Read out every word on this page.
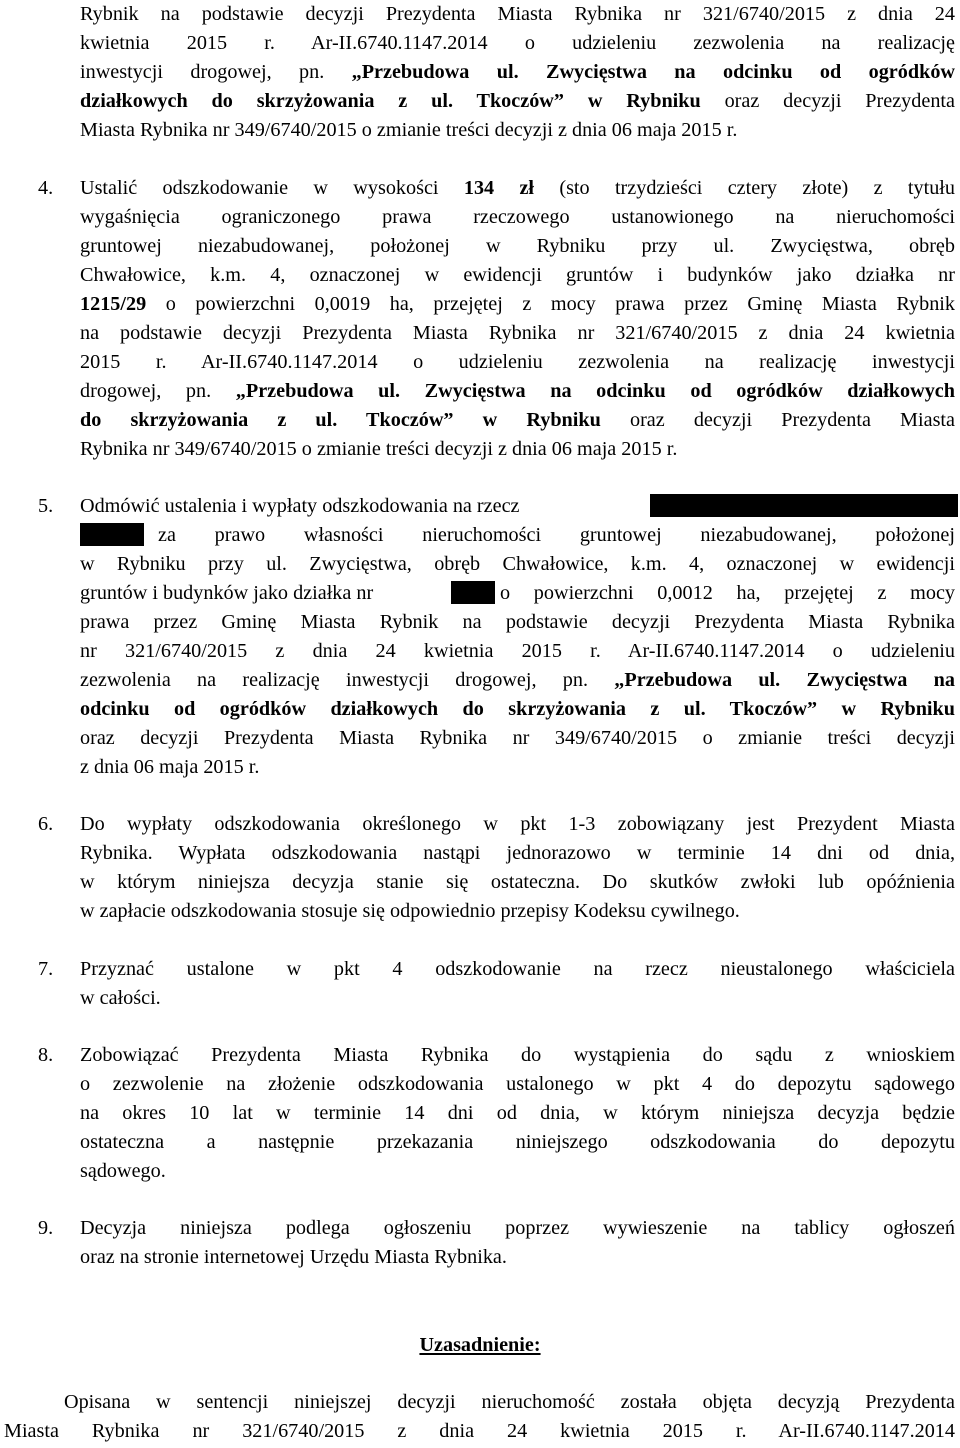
Rybnik na podstawie decyzji Prezydenta Miasta Rybnika nr 321/6740/2015 z dnia 24
kwietnia 2015 r. Ar-II.6740.1147.2014 o udzieleniu zezwolenia na realizację
inwestycji drogowej, pn. „Przebudowa ul. Zwycięstwa na odcinku od ogródków
działkowych do skrzyżowania z ul. Tkoczów” w Rybniku oraz decyzji Prezydenta
Miasta Rybnika nr 349/6740/2015 o zmianie treści decyzji z dnia 06 maja 2015 r.
4. Ustalić odszkodowanie w wysokości 134 zł (sto trzydzieści cztery złote) z tytułu
wygaśnięcia ograniczonego prawa rzeczowego ustanowionego na nieruchomości
gruntowej niezabudowanej, położonej w Rybniku przy ul. Zwycięstwa, obręb
Chwałowice, k.m. 4, oznaczonej w ewidencji gruntów i budynków jako działka nr
1215/29 o powierzchni 0,0019 ha, przejętej z mocy prawa przez Gminę Miasta Rybnik
na podstawie decyzji Prezydenta Miasta Rybnika nr 321/6740/2015 z dnia 24 kwietnia
2015 r. Ar-II.6740.1147.2014 o udzieleniu zezwolenia na realizację inwestycji
drogowej, pn. „Przebudowa ul. Zwycięstwa na odcinku od ogródków działkowych
do skrzyżowania z ul. Tkoczów” w Rybniku oraz decyzji Prezydenta Miasta
Rybnika nr 349/6740/2015 o zmianie treści decyzji z dnia 06 maja 2015 r.
5. Odmówić ustalenia i wypłaty odszkodowania na rzecz
za prawo własności nieruchomości gruntowej niezabudowanej, położonej
w Rybniku przy ul. Zwycięstwa, obręb Chwałowice, k.m. 4, oznaczonej w ewidencji
gruntów i budynków jako działka nr	o powierzchni 0,0012 ha, przejętej z mocy
prawa przez Gminę Miasta Rybnik na podstawie decyzji Prezydenta Miasta Rybnika
nr 321/6740/2015 z dnia 24 kwietnia 2015 r. Ar-II.6740.1147.2014 o udzieleniu
zezwolenia na realizację inwestycji drogowej, pn. „Przebudowa ul. Zwycięstwa na
odcinku od ogródków działkowych do skrzyżowania z ul. Tkoczów” w Rybniku
oraz decyzji Prezydenta Miasta Rybnika nr 349/6740/2015 o zmianie treści decyzji
z dnia 06 maja 2015 r.
6. Do wypłaty odszkodowania określonego w pkt 1-3 zobowiązany jest Prezydent Miasta
Rybnika. Wypłata odszkodowania nastąpi jednorazowo w terminie 14 dni od dnia,
w którym niniejsza decyzja stanie się ostateczna. Do skutków zwłoki lub opóźnienia
w zapłacie odszkodowania stosuje się odpowiednio przepisy Kodeksu cywilnego.
7. Przyznać ustalone w pkt 4 odszkodowanie na rzecz nieustalonego właściciela
w całości.
8. Zobowiązać Prezydenta Miasta Rybnika do wystąpienia do sądu z wnioskiem
o zezwolenie na złożenie odszkodowania ustalonego w pkt 4 do depozytu sądowego
na okres 10 lat w terminie 14 dni od dnia, w którym niniejsza decyzja będzie
ostateczna a następnie przekazania niniejszego odszkodowania do depozytu
sądowego.
9. Decyzja niniejsza podlega ogłoszeniu poprzez wywieszenie na tablicy ogłoszeń
oraz na stronie internetowej Urzędu Miasta Rybnika.
Uzasadnienie:
Opisana w sentencji niniejszej decyzji nieruchomość została objęta decyzją Prezydenta
Miasta Rybnika nr 321/6740/2015 z dnia 24 kwietnia 2015 r. Ar-II.6740.1147.2014
